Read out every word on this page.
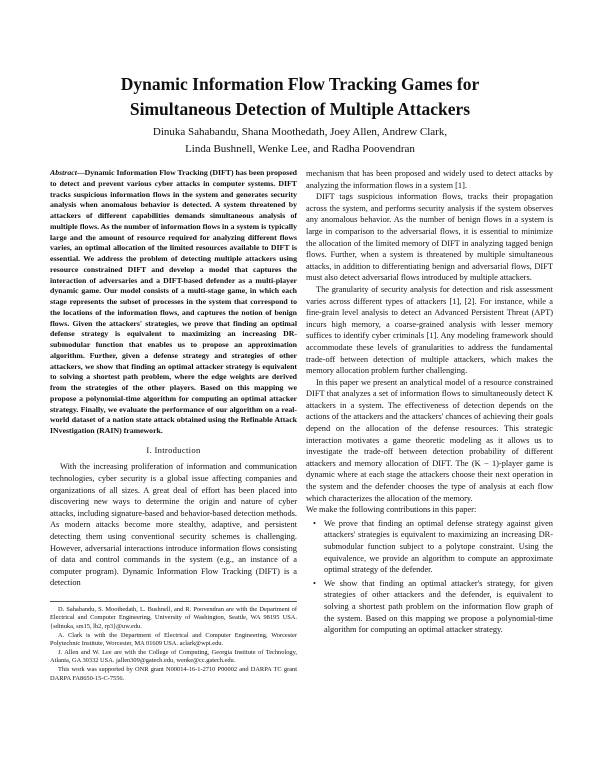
Dynamic Information Flow Tracking Games for
Simultaneous Detection of Multiple Attackers
Dinuka Sahabandu, Shana Moothedath, Joey Allen, Andrew Clark,
Linda Bushnell, Wenke Lee, and Radha Poovendran
Abstract—Dynamic Information Flow Tracking (DIFT) has been proposed to detect and prevent various cyber attacks in computer systems. DIFT tracks suspicious information flows in the system and generates security analysis when anomalous behavior is detected. A system threatened by attackers of different capabilities demands simultaneous analysis of multiple flows. As the number of information flows in a system is typically large and the amount of resource required for analyzing different flows varies, an optimal allocation of the limited resources available to DIFT is essential. We address the problem of detecting multiple attackers using resource constrained DIFT and develop a model that captures the interaction of adversaries and a DIFT-based defender as a multi-player dynamic game. Our model consists of a multi-stage game, in which each stage represents the subset of processes in the system that correspond to the locations of the information flows, and captures the notion of benign flows. Given the attackers' strategies, we prove that finding an optimal defense strategy is equivalent to maximizing an increasing DR-submodular function that enables us to propose an approximation algorithm. Further, given a defense strategy and strategies of other attackers, we show that finding an optimal attacker strategy is equivalent to solving a shortest path problem, where the edge weights are derived from the strategies of the other players. Based on this mapping we propose a polynomial-time algorithm for computing an optimal attacker strategy. Finally, we evaluate the performance of our algorithm on a real-world dataset of a nation state attack obtained using the Refinable Attack INvestigation (RAIN) framework.
I. Introduction

With the increasing proliferation of information and communication technologies, cyber security is a global issue affecting companies and organizations of all sizes. A great deal of effort has been placed into discovering new ways to determine the origin and nature of cyber attacks, including signature-based and behavior-based detection methods. As modern attacks become more stealthy, adaptive, and persistent detecting them using conventional security schemes is challenging. However, adversarial interactions introduce information flows consisting of data and control commands in the system (e.g., an instance of a computer program). Dynamic Information Flow Tracking (DIFT) is a detection

D. Sahabandu, S. Moothedath, L. Bushnell, and R. Poovendran are with the Department of Electrical and Computer Engineering, University of Washington, Seattle, WA 98195 USA. {sdinuka, sm15, lb2, rp3}@uw.edu.

A. Clark is with the Department of Electrical and Computer Engineering, Worcester Polytechnic Institute, Worcester, MA 01609 USA. aclark@wpi.edu.

J. Allen and W. Lee are with the College of Computing, Georgia Institute of Technology, Atlanta, GA 30332 USA. jallen309@gatech.edu, wenke@cc.gatech.edu.

This work was supported by ONR grant N00014-16-1-2710 P00002 and DARPA TC grant DARPA FA8650-15-C-7556.

mechanism that has been proposed and widely used to detect attacks by analyzing the information flows in a system [1].

DIFT tags suspicious information flows, tracks their propagation across the system, and performs security analysis if the system observes any anomalous behavior. As the number of benign flows in a system is large in comparison to the adversarial flows, it is essential to minimize the allocation of the limited memory of DIFT in analyzing tagged benign flows. Further, when a system is threatened by multiple simultaneous attacks, in addition to differentiating benign and adversarial flows, DIFT must also detect adversarial flows introduced by multiple attackers.

The granularity of security analysis for detection and risk assessment varies across different types of attackers [1], [2]. For instance, while a fine-grain level analysis to detect an Advanced Persistent Threat (APT) incurs high memory, a coarse-grained analysis with lesser memory suffices to identify cyber criminals [1]. Any modeling framework should accommodate these levels of granularities to address the fundamental trade-off between detection of multiple attackers, which makes the memory allocation problem further challenging.

In this paper we present an analytical model of a resource constrained DIFT that analyzes a set of information flows to simultaneously detect K attackers in a system. The effectiveness of detection depends on the actions of the attackers and the attackers' chances of achieving their goals depend on the allocation of the defense resources. This strategic interaction motivates a game theoretic modeling as it allows us to investigate the trade-off between detection probability of different attackers and memory allocation of DIFT. The (K − 1)-player game is dynamic where at each stage the attackers choose their next operation in the system and the defender chooses the type of analysis at each flow which characterizes the allocation of the memory.

We make the following contributions in this paper:

• We prove that finding an optimal defense strategy against given attackers' strategies is equivalent to maximizing an increasing DR-submodular function subject to a polytope constraint. Using the equivalence, we provide an algorithm to compute an approximate optimal strategy of the defender.
• We show that finding an optimal attacker's strategy, for given strategies of other attackers and the defender, is equivalent to solving a shortest path problem on the information flow graph of the system. Based on this mapping we propose a polynomial-time algorithm for computing an optimal attacker strategy.
